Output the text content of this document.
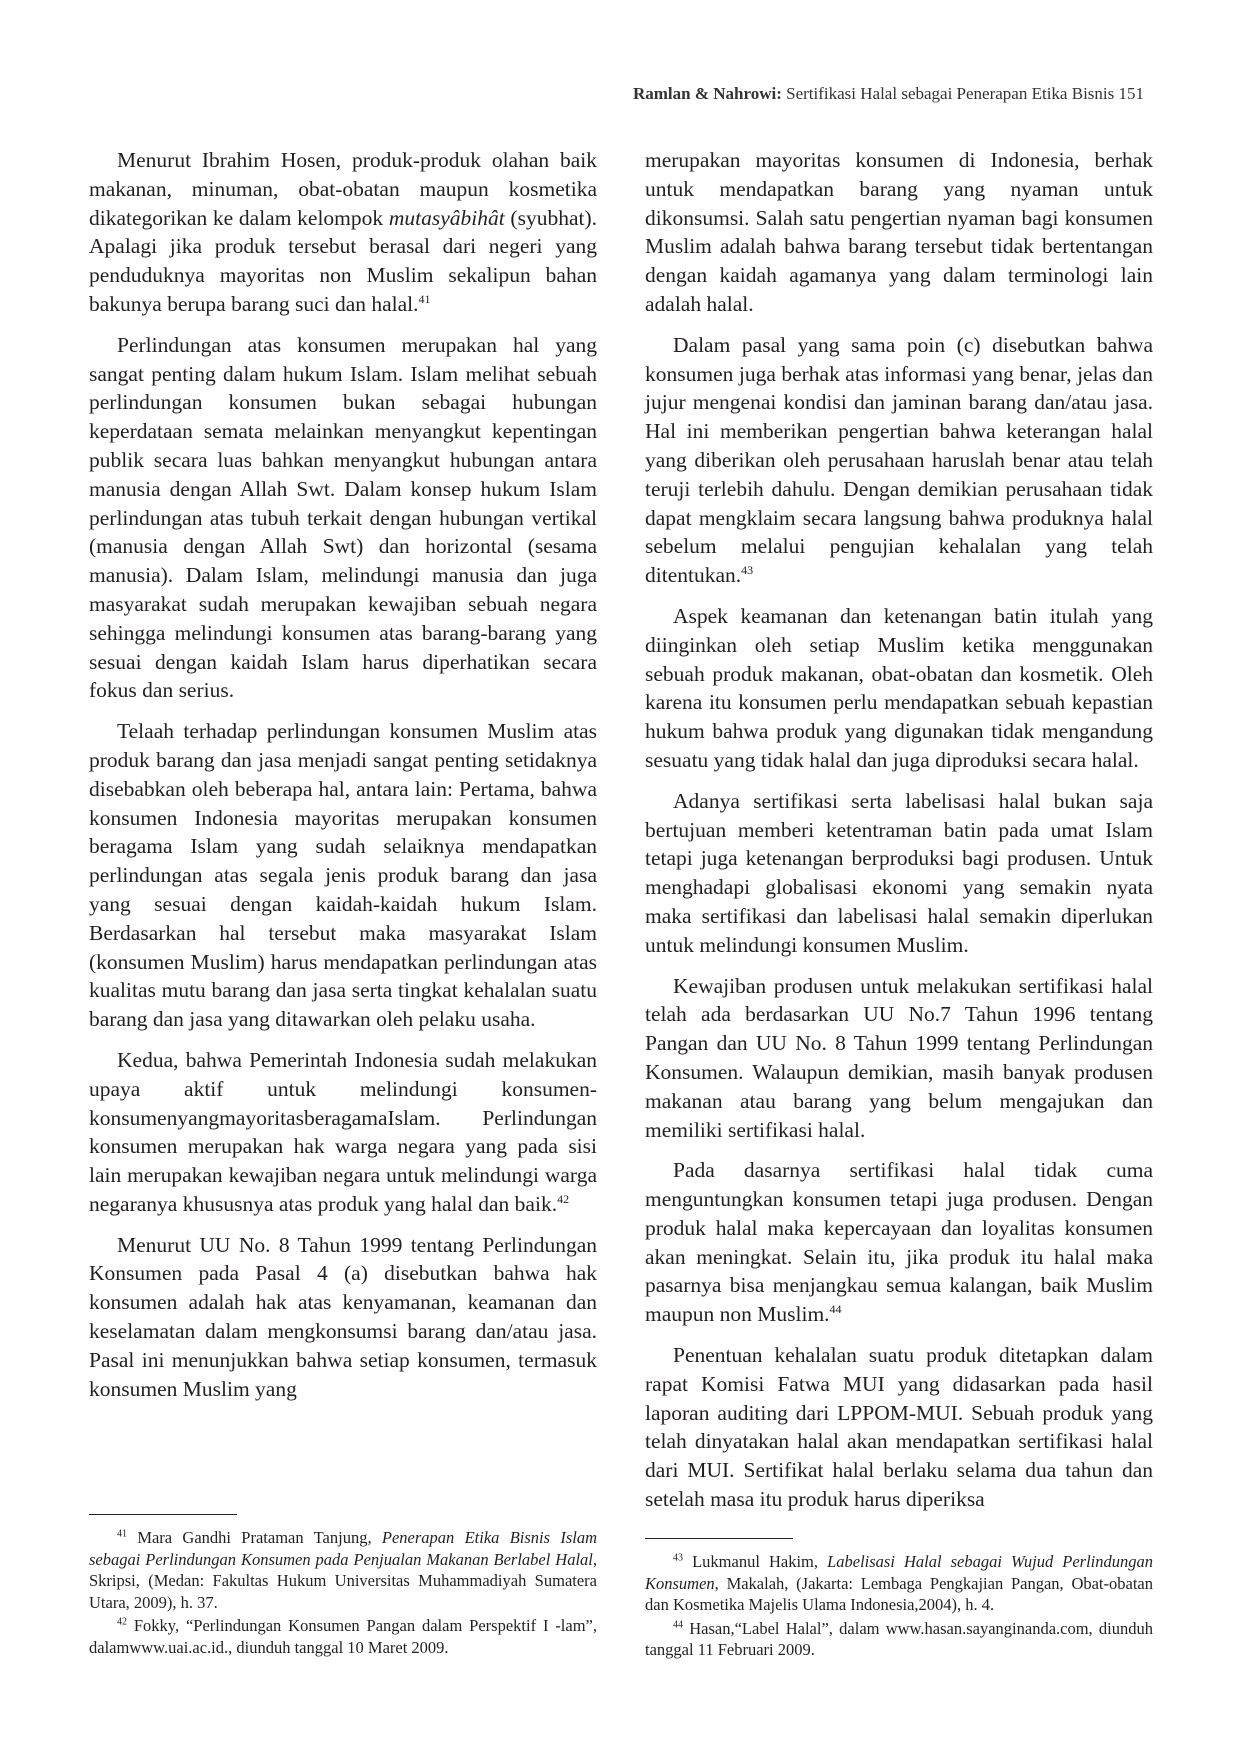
Ramlan & Nahrowi: Sertifikasi Halal sebagai Penerapan Etika Bisnis 151

Menurut Ibrahim Hosen, produk-produk olahan baik makanan, minuman, obat-obatan maupun kosmetika dikategorikan ke dalam kelompok mutasyâbihât (syubhat). Apalagi jika produk tersebut berasal dari negeri yang penduduknya mayoritas non Muslim sekalipun bahan bakunya berupa barang suci dan halal.$^{41}$

Perlindungan atas konsumen merupakan hal yang sangat penting dalam hukum Islam. Islam melihat sebuah perlindungan konsumen bukan sebagai hubungan keperdataan semata melainkan menyangkut kepentingan publik secara luas bahkan menyangkut hubungan antara manusia dengan Allah Swt. Dalam konsep hukum Islam perlindungan atas tubuh terkait dengan hubungan vertikal (manusia dengan Allah Swt) dan horizontal (sesama manusia). Dalam Islam, melindungi manusia dan juga masyarakat sudah merupakan kewajiban sebuah negara sehingga melindungi konsumen atas barang-barang yang sesuai dengan kaidah Islam harus diperhatikan secara fokus dan serius.

Telaah terhadap perlindungan konsumen Muslim atas produk barang dan jasa menjadi sangat penting setidaknya disebabkan oleh beberapa hal, antara lain: Pertama, bahwa konsumen Indonesia mayoritas merupakan konsumen beragama Islam yang sudah selaiknya mendapatkan perlindungan atas segala jenis produk barang dan jasa yang sesuai dengan kaidah-kaidah hukum Islam. Berdasarkan hal tersebut maka masyarakat Islam (konsumen Muslim) harus mendapatkan perlindungan atas kualitas mutu barang dan jasa serta tingkat kehalalan suatu barang dan jasa yang ditawarkan oleh pelaku usaha.

Kedua, bahwa Pemerintah Indonesia sudah melakukan upaya aktif untuk melindungi konsumen-konsumenyangmayoritasberagamaIslam. Perlindungan konsumen merupakan hak warga negara yang pada sisi lain merupakan kewajiban negara untuk melindungi warga negaranya khususnya atas produk yang halal dan baik.$^{42}$

Menurut UU No. 8 Tahun 1999 tentang Perlindungan Konsumen pada Pasal 4 (a) disebutkan bahwa hak konsumen adalah hak atas kenyamanan, keamanan dan keselamatan dalam mengkonsumsi barang dan/atau jasa. Pasal ini menunjukkan bahwa setiap konsumen, termasuk konsumen Muslim yang

merupakan mayoritas konsumen di Indonesia, berhak untuk mendapatkan barang yang nyaman untuk dikonsumsi. Salah satu pengertian nyaman bagi konsumen Muslim adalah bahwa barang tersebut tidak bertentangan dengan kaidah agamanya yang dalam terminologi lain adalah halal.

Dalam pasal yang sama poin (c) disebutkan bahwa konsumen juga berhak atas informasi yang benar, jelas dan jujur mengenai kondisi dan jaminan barang dan/atau jasa. Hal ini memberikan pengertian bahwa keterangan halal yang diberikan oleh perusahaan haruslah benar atau telah teruji terlebih dahulu. Dengan demikian perusahaan tidak dapat mengklaim secara langsung bahwa produknya halal sebelum melalui pengujian kehalalan yang telah ditentukan.$^{43}$

Aspek keamanan dan ketenangan batin itulah yang diinginkan oleh setiap Muslim ketika menggunakan sebuah produk makanan, obat-obatan dan kosmetik. Oleh karena itu konsumen perlu mendapatkan sebuah kepastian hukum bahwa produk yang digunakan tidak mengandung sesuatu yang tidak halal dan juga diproduksi secara halal.

Adanya sertifikasi serta labelisasi halal bukan saja bertujuan memberi ketentraman batin pada umat Islam tetapi juga ketenangan berproduksi bagi produsen. Untuk menghadapi globalisasi ekonomi yang semakin nyata maka sertifikasi dan labelisasi halal semakin diperlukan untuk melindungi konsumen Muslim.

Kewajiban produsen untuk melakukan sertifikasi halal telah ada berdasarkan UU No.7 Tahun 1996 tentang Pangan dan UU No. 8 Tahun 1999 tentang Perlindungan Konsumen. Walaupun demikian, masih banyak produsen makanan atau barang yang belum mengajukan dan memiliki sertifikasi halal.

Pada dasarnya sertifikasi halal tidak cuma menguntungkan konsumen tetapi juga produsen. Dengan produk halal maka kepercayaan dan loyalitas konsumen akan meningkat. Selain itu, jika produk itu halal maka pasarnya bisa menjangkau semua kalangan, baik Muslim maupun non Muslim.$^{44}$

Penentuan kehalalan suatu produk ditetapkan dalam rapat Komisi Fatwa MUI yang didasarkan pada hasil laporan auditing dari LPPOM-MUI. Sebuah produk yang telah dinyatakan halal akan mendapatkan sertifikasi halal dari MUI. Sertifikat halal berlaku selama dua tahun dan setelah masa itu produk harus diperiksa

$^{41}$ Mara Gandhi Prataman Tanjung, Penerapan Etika Bisnis Islam sebagai Perlindungan Konsumen pada Penjualan Makanan Berlabel Halal, Skripsi, (Medan: Fakultas Hukum Universitas Muhammadiyah Sumatera Utara, 2009), h. 37.

$^{42}$ Fokky, “Perlindungan Konsumen Pangan dalam Perspektif I -lam”, dalamwww.uai.ac.id., diunduh tanggal 10 Maret 2009.

$^{43}$ Lukmanul Hakim, Labelisasi Halal sebagai Wujud Perlindungan Konsumen, Makalah, (Jakarta: Lembaga Pengkajian Pangan, Obat-obatan dan Kosmetika Majelis Ulama Indonesia,2004), h. 4.

$^{44}$ Hasan,“Label Halal”, dalam www.hasan.sayanginanda.com, diunduh tanggal 11 Februari 2009.
